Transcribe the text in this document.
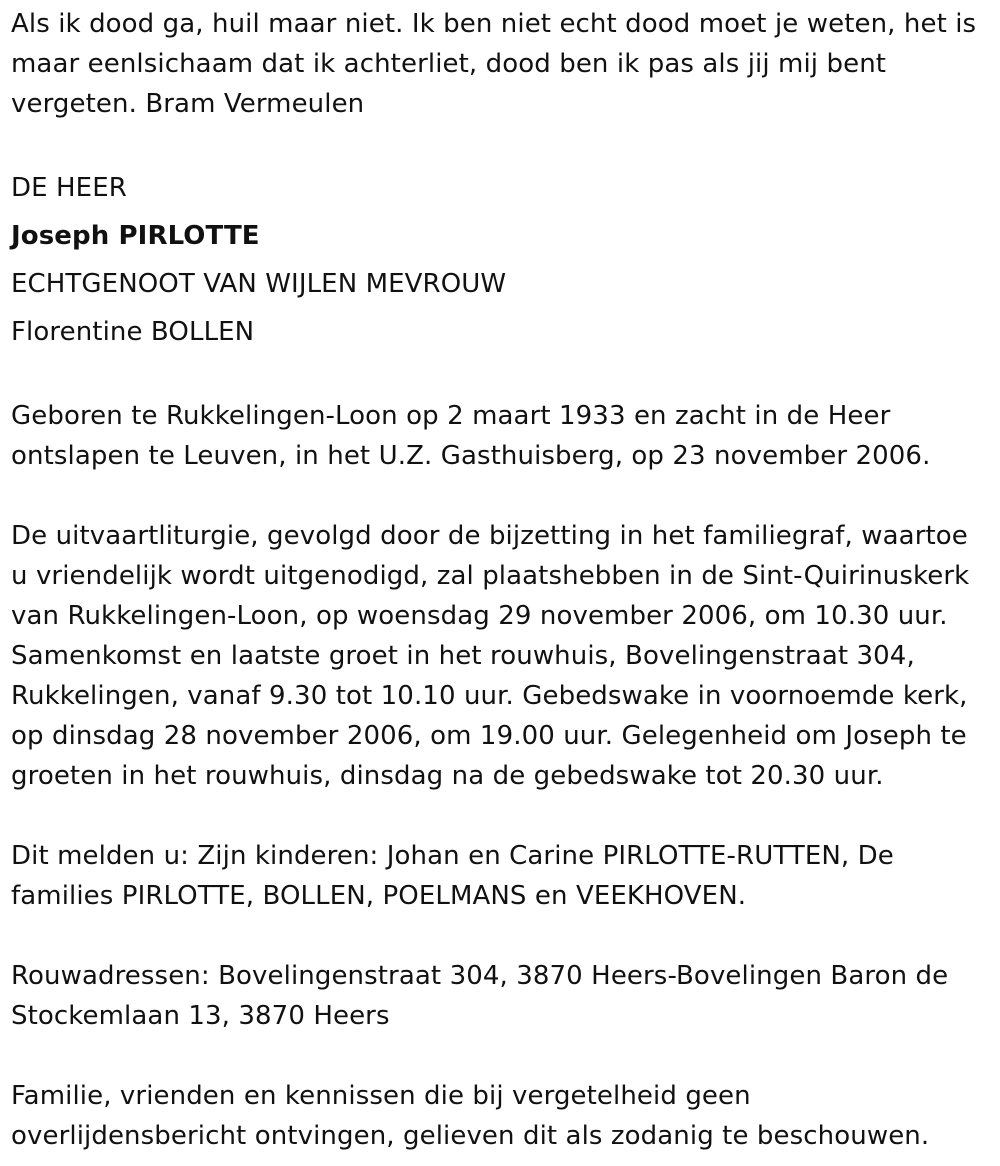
Als ik dood ga, huil maar niet. Ik ben niet echt dood moet je weten, het is
maar eenlsichaam dat ik achterliet, dood ben ik pas als jij mij bent
vergeten. Bram Vermeulen

DE HEER
Joseph PIRLOTTE
ECHTGENOOT VAN WIJLEN MEVROUW
Florentine BOLLEN

Geboren te Rukkelingen-Loon op 2 maart 1933 en zacht in de Heer
ontslapen te Leuven, in het U.Z. Gasthuisberg, op 23 november 2006.

De uitvaartliturgie, gevolgd door de bijzetting in het familiegraf, waartoe
u vriendelijk wordt uitgenodigd, zal plaatshebben in de Sint-Quirinuskerk
van Rukkelingen-Loon, op woensdag 29 november 2006, om 10.30 uur.
Samenkomst en laatste groet in het rouwhuis, Bovelingenstraat 304,
Rukkelingen, vanaf 9.30 tot 10.10 uur. Gebedswake in voornoemde kerk,
op dinsdag 28 november 2006, om 19.00 uur. Gelegenheid om Joseph te
groeten in het rouwhuis, dinsdag na de gebedswake tot 20.30 uur.

Dit melden u: Zijn kinderen: Johan en Carine PIRLOTTE-RUTTEN, De
families PIRLOTTE, BOLLEN, POELMANS en VEEKHOVEN.

Rouwadressen: Bovelingenstraat 304, 3870 Heers-Bovelingen Baron de
Stockemlaan 13, 3870 Heers

Familie, vrienden en kennissen die bij vergetelheid geen
overlijdensbericht ontvingen, gelieven dit als zodanig te beschouwen.
